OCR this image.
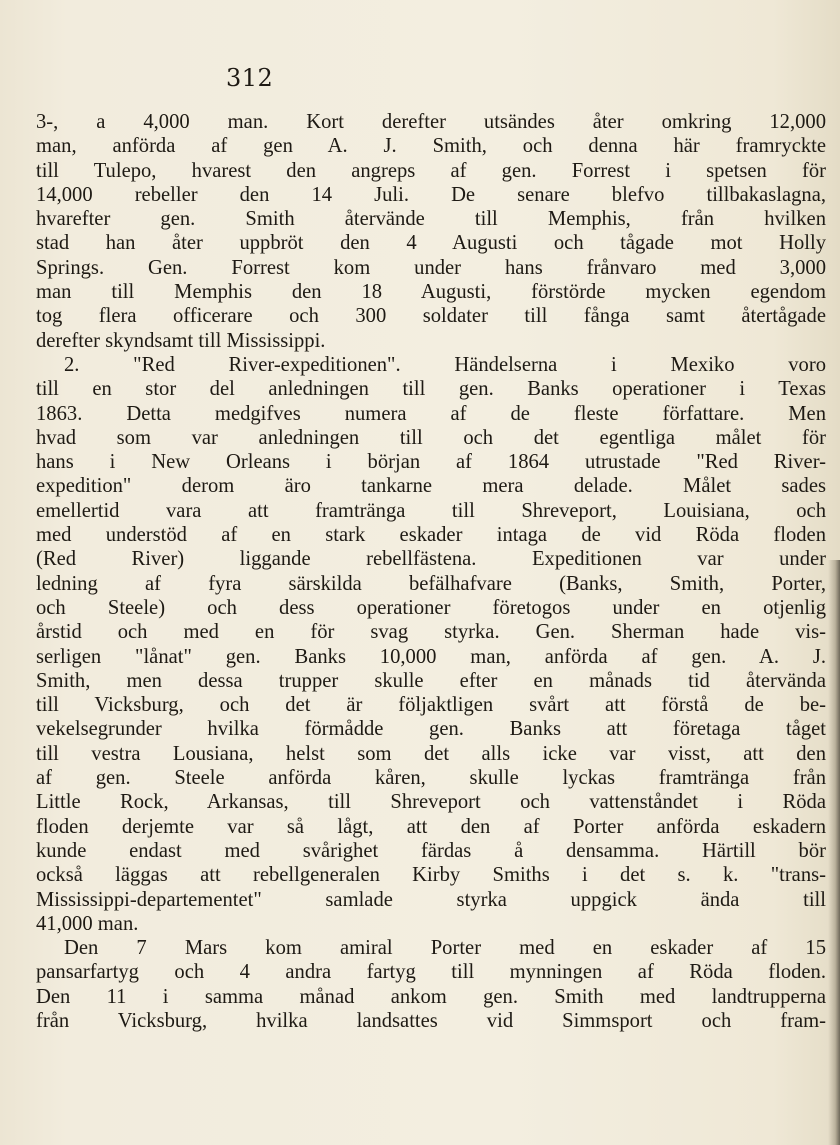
312
3-, a 4,000 man. Kort derefter utsändes åter omkring 12,000
man, anförda af gen A. J. Smith, och denna här framryckte
till Tulepo, hvarest den angreps af gen. Forrest i spetsen för
14,000 rebeller den 14 Juli. De senare blefvo tillbakaslagna,
hvarefter gen. Smith återvände till Memphis, från hvilken
stad han åter uppbröt den 4 Augusti och tågade mot Holly
Springs. Gen. Forrest kom under hans frånvaro med 3,000
man till Memphis den 18 Augusti, förstörde mycken egendom
tog flera officerare och 300 soldater till fånga samt återtågade
derefter skyndsamt till Mississippi.
2. "Red River-expeditionen". Händelserna i Mexiko voro
till en stor del anledningen till gen. Banks operationer i Texas
1863. Detta medgifves numera af de fleste författare. Men
hvad som var anledningen till och det egentliga målet för
hans i New Orleans i början af 1864 utrustade "Red River-
expedition" derom äro tankarne mera delade. Målet sades
emellertid vara att framtränga till Shreveport, Louisiana, och
med understöd af en stark eskader intaga de vid Röda floden
(Red River) liggande rebellfästena. Expeditionen var under
ledning af fyra särskilda befälhafvare (Banks, Smith, Porter,
och Steele) och dess operationer företogos under en otjenlig
årstid och med en för svag styrka. Gen. Sherman hade vis-
serligen "lånat" gen. Banks 10,000 man, anförda af gen. A. J.
Smith, men dessa trupper skulle efter en månads tid återvända
till Vicksburg, och det är följaktligen svårt att förstå de be-
vekelsegrunder hvilka förmådde gen. Banks att företaga tåget
till vestra Lousiana, helst som det alls icke var visst, att den
af gen. Steele anförda kåren, skulle lyckas framtränga från
Little Rock, Arkansas, till Shreveport och vattenståndet i Röda
floden derjemte var så lågt, att den af Porter anförda eskadern
kunde endast med svårighet färdas å densamma. Härtill bör
också läggas att rebellgeneralen Kirby Smiths i det s. k. "trans-
Mississippi-departementet" samlade styrka uppgick ända till
41,000 man.
Den 7 Mars kom amiral Porter med en eskader af 15
pansarfartyg och 4 andra fartyg till mynningen af Röda floden.
Den 11 i samma månad ankom gen. Smith med landtrupperna
från Vicksburg, hvilka landsattes vid Simmsport och fram-
